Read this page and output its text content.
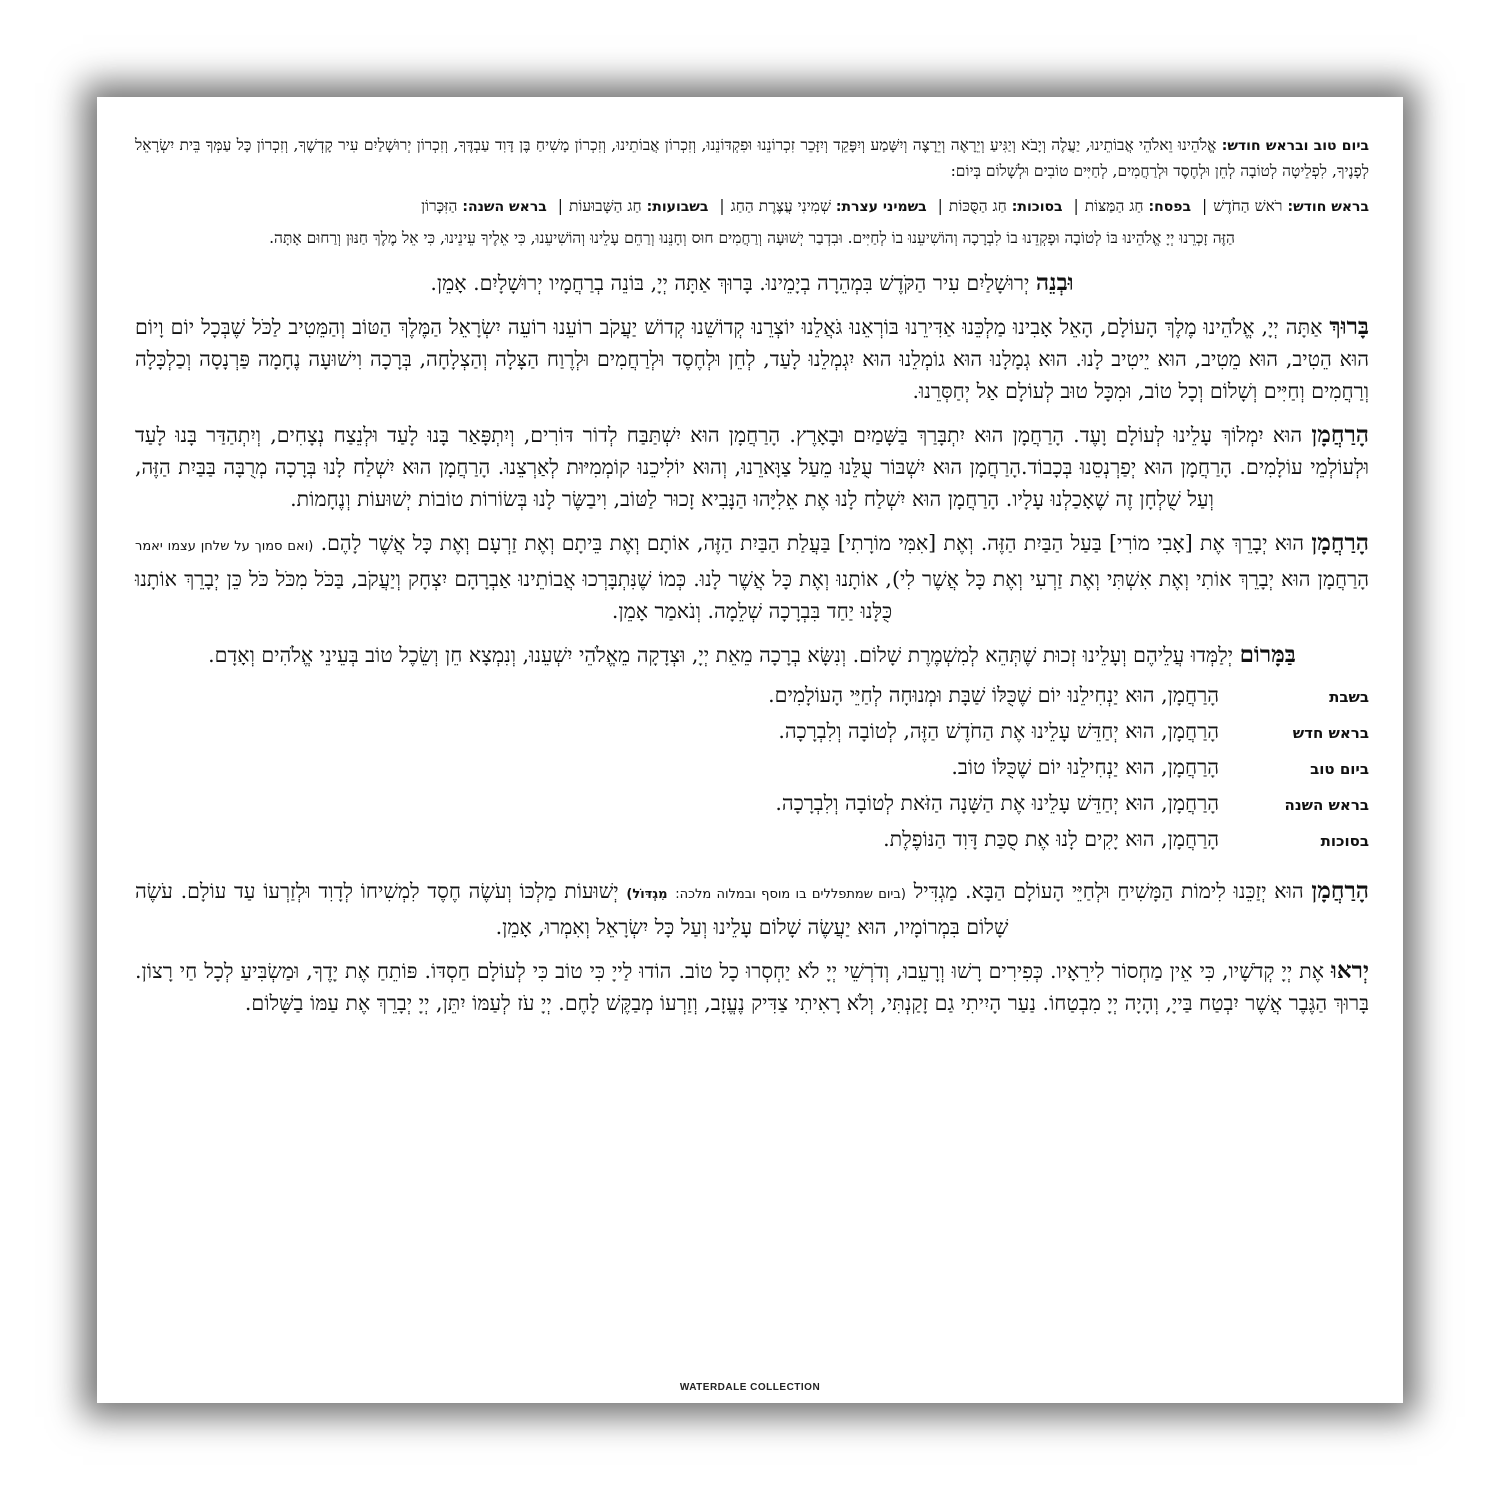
ביום טוב ובראש חודש: אֱלֹהֵינוּ וֵאלֹהֵי אֲבוֹתֵינוּ, יַעֲלֶה וְיָבֹא וְיַגִּיעַ וְיֵרָאֶה וְיֵרָצֶה וְיִשָּׁמַע וְיִפָּקֵד וְיִזָּכֵר זִכְרוֹנֵנוּ וּפִקְדּוֹנֵנוּ, וְזִכְרוֹן אֲבוֹתֵינוּ, וְזִכְרוֹן מָשִׁיחַ בֶּן דָּוִד עַבְדֶּךָ, וְזִכְרוֹן יְרוּשָׁלַיִם עִיר קָדְשֶׁךָ, וְזִכְרוֹן כָּל עַמְּךָ בֵּית יִשְׂרָאֵל לְפָנֶיךָ, לִפְלֵיטָה לְטוֹבָה לְחֵן וּלְחֶסֶד וּלְרַחֲמִים, לְחַיִּים טוֹבִים וּלְשָׁלוֹם בְּיוֹם:

בראש חודש: רֹאשׁ הַחֹדֶשׁ| בפסח: חַג הַמַּצּוֹת| בסוכות: חַג הַסֻּכּוֹת| בשמיני עצרת: שְׁמִינִי עֲצֶרֶת הַחַג| בשבועות: חַג הַשָּׁבוּעוֹת| בראש השנה: הַזִּכָּרוֹן

הַזֶּה זָכְרֵנוּ יְיָ אֱלֹהֵינוּ בּוֹ לְטוֹבָה וּפָקְדֵנוּ בוֹ לִבְרָכָה וְהוֹשִׁיעֵנוּ בוֹ לְחַיִּים. וּבִדְבַר יְשׁוּעָה וְרַחֲמִים חוּס וְחָנֵּנוּ וְרַחֵם עָלֵינוּ וְהוֹשִׁיעֵנוּ, כִּי אֵלֶיךָ עֵינֵינוּ, כִּי אֵל מֶלֶךְ חַנּוּן וְרַחוּם אָתָּה.

וּבְנֵה יְרוּשָׁלַיִם עִיר הַקֹּדֶשׁ בִּמְהֵרָה בְיָמֵינוּ. בָּרוּךְ אַתָּה יְיָ, בּוֹנֵה בְרַחֲמָיו יְרוּשָׁלָיִם. אָמֵן.

בָּרוּךְ אַתָּה יְיָ, אֱלֹהֵינוּ מֶלֶךְ הָעוֹלָם, הָאֵל אָבִינוּ מַלְכֵּנוּ אַדִּירֵנוּ בּוֹרְאֵנוּ גֹּאֲלֵנוּ יוֹצְרֵנוּ קְדוֹשֵׁנוּ קְדוֹשׁ יַעֲקֹב רוֹעֵנוּ רוֹעֵה יִשְׂרָאֵל הַמֶּלֶךְ הַטּוֹב וְהַמֵּטִיב לַכֹּל שֶׁבְּכָל יוֹם וָיוֹם הוּא הֵטִיב, הוּא מֵטִיב, הוּא יֵיטִיב לָנוּ. הוּא גְמָלָנוּ הוּא גוֹמְלֵנוּ הוּא יִגְמְלֵנוּ לָעַד, לְחֵן וּלְחֶסֶד וּלְרַחֲמִים וּלְרֶוַח הַצָּלָה וְהַצְלָחָה, בְּרָכָה וִישׁוּעָה נֶחָמָה פַּרְנָסָה וְכַלְכָּלָה וְרַחֲמִים וְחַיִּים וְשָׁלוֹם וְכָל טוֹב, וּמִכָּל טוּב לְעוֹלָם אַל יְחַסְּרֵנוּ.

הָרַחֲמָן הוּא יִמְלוֹךְ עָלֵינוּ לְעוֹלָם וָעֶד. הָרַחֲמָן הוּא יִתְבָּרַךְ בַּשָּׁמַיִם וּבָאָרֶץ. הָרַחֲמָן הוּא יִשְׁתַּבַּח לְדוֹר דּוֹרִים, וְיִתְפָּאַר בָּנוּ לָעַד וּלְנֵצַח נְצָחִים, וְיִתְהַדַּר בָּנוּ לָעַד וּלְעוֹלְמֵי עוֹלָמִים. הָרַחֲמָן הוּא יְפַרְנְסֵנוּ בְּכָבוֹד.הָרַחֲמָן הוּא יִשְׁבּוֹר עֻלֵּנוּ מֵעַל צַוָּארֵנוּ, וְהוּא יוֹלִיכֵנוּ קוֹמְמִיּוּת לְאַרְצֵנוּ. הָרַחֲמָן הוּא יִשְׁלַח לָנוּ בְּרָכָה מְרֻבָּה בַּבַּיִת הַזֶּה, וְעַל שֻׁלְחָן זֶה שֶׁאָכַלְנוּ עָלָיו. הָרַחֲמָן הוּא יִשְׁלַח לָנוּ אֶת אֵלִיָּהוּ הַנָּבִיא זָכוּר לַטּוֹב, וִיבַשֶּׂר לָנוּ בְּשׂוֹרוֹת טוֹבוֹת יְשׁוּעוֹת וְנֶחָמוֹת.

הָרַחֲמָן הוּא יְבָרֵךְ אֶת [אָבִי מוֹרִי] בַּעַל הַבַּיִת הַזֶּה. וְאֶת [אִמִּי מוֹרָתִי] בַּעֲלַת הַבַּיִת הַזֶּה, אוֹתָם וְאֶת בֵּיתָם וְאֶת זַרְעָם וְאֶת כָּל אֲשֶׁר לָהֶם. (ואם סמוך על שלחן עצמו יאמר הָרַחֲמָן הוּא יְבָרֵךְ אוֹתִי וְאֶת אִשְׁתִּי וְאֶת זַרְעִי וְאֶת כָּל אֲשֶׁר לִי), אוֹתָנוּ וְאֶת כָּל אֲשֶׁר לָנוּ. כְּמוֹ שֶׁנִּתְבָּרְכוּ אֲבוֹתֵינוּ אַבְרָהָם יִצְחָק וְיַעֲקֹב, בַּכֹּל מִכֹּל כֹּל כֵּן יְבָרֵךְ אוֹתָנוּ כֻּלָּנוּ יַחַד בִּבְרָכָה שְׁלֵמָה. וְנֹאמַר אָמֵן.

בַּמָּרוֹם יְלַמְּדוּ עֲלֵיהֶם וְעָלֵינוּ זְכוּת שֶׁתְּהֵא לְמִשְׁמֶרֶת שָׁלוֹם. וְנִשָּׂא בְרָכָה מֵאֵת יְיָ, וּצְדָקָה מֵאֱלֹהֵי יִשְׁעֵנוּ, וְנִמְצָא חֵן וְשֵׂכֶל טוֹב בְּעֵינֵי אֱלֹהִים וְאָדָם.

בשבת
הָרַחֲמָן, הוּא יַנְחִילֵנוּ יוֹם שֶׁכֻּלּוֹ שַׁבָּת וּמְנוּחָה לְחַיֵּי הָעוֹלָמִים.
בראש חדש
הָרַחֲמָן, הוּא יְחַדֵּשׁ עָלֵינוּ אֶת הַחֹדֶשׁ הַזֶּה, לְטוֹבָה וְלִבְרָכָה.
ביום טוב
הָרַחֲמָן, הוּא יַנְחִילֵנוּ יוֹם שֶׁכֻּלּוֹ טוֹב.
בראש השנה
הָרַחֲמָן, הוּא יְחַדֵּשׁ עָלֵינוּ אֶת הַשָּׁנָה הַזֹּאת לְטוֹבָה וְלִבְרָכָה.
בסוכות
הָרַחֲמָן, הוּא יָקִים לָנוּ אֶת סֻכַּת דָּוִד הַנּוֹפֶלֶת.

הָרַחֲמָן הוּא יְזַכֵּנוּ לִימוֹת הַמָּשִׁיחַ וּלְחַיֵּי הָעוֹלָם הַבָּא. מַגְדִּיל (ביום שמתפללים בו מוסף ובמלוה מלכה: מִגְדּוֹל) יְשׁוּעוֹת מַלְכּוֹ וְעֹשֶׂה חֶסֶד לִמְשִׁיחוֹ לְדָוִד וּלְזַרְעוֹ עַד עוֹלָם. עֹשֶׂה שָׁלוֹם בִּמְרוֹמָיו, הוּא יַעֲשֶׂה שָׁלוֹם עָלֵינוּ וְעַל כָּל יִשְׂרָאֵל וְאִמְרוּ, אָמֵן.

יְראוּ אֶת יְיָ קְדֹשָׁיו, כִּי אֵין מַחְסוֹר לִירֵאָיו. כְּפִירִים רָשׁוּ וְרָעֵבוּ, וְדֹרְשֵׁי יְיָ לֹא יַחְסְרוּ כָל טוֹב. הוֹדוּ לַייָ כִּי טוֹב כִּי לְעוֹלָם חַסְדּוֹ. פּוֹתֵחַ אֶת יָדֶךָ, וּמַשְׂבִּיעַ לְכָל חַי רָצוֹן. בָּרוּךְ הַגֶּבֶר אֲשֶׁר יִבְטַח בַּייָ, וְהָיָה יְיָ מִבְטַחוֹ. נַעַר הָיִיתִי גַם זָקַנְתִּי, וְלֹא רָאִיתִי צַדִּיק נֶעֱזָב, וְזַרְעוֹ מְבַקֶּשׁ לָחֶם. יְיָ עֹז לְעַמּוֹ יִתֵּן, יְיָ יְבָרֵךְ אֶת עַמּוֹ בַשָּׁלוֹם.

WATERDALE COLLECTION
